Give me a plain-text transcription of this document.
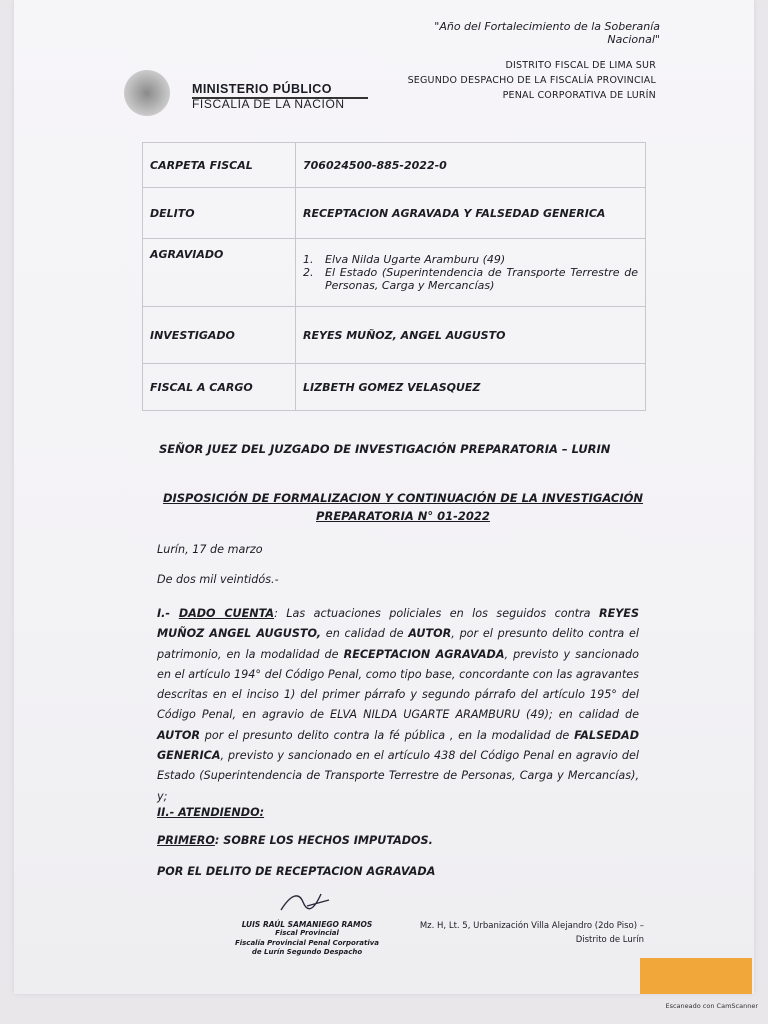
"Año del Fortalecimiento de la Soberanía Nacional"
MINISTERIO PÚBLICO
FISCALÍA DE LA NACIÓN
DISTRITO FISCAL DE LIMA SUR
SEGUNDO DESPACHO DE LA FISCALÍA PROVINCIAL
PENAL CORPORATIVA DE LURÍN
CARPETA FISCAL	706024500-885-2022-0
DELITO	RECEPTACION AGRAVADA Y FALSEDAD GENERICA
AGRAVIADO	1. Elva Nilda Ugarte Aramburu (49)
2. El Estado (Superintendencia de Transporte Terrestre de Personas, Carga y Mercancías)

INVESTIGADO	REYES MUÑOZ, ANGEL AUGUSTO
FISCAL A CARGO	LIZBETH GOMEZ VELASQUEZ
SEÑOR JUEZ DEL JUZGADO DE INVESTIGACIÓN PREPARATORIA – LURIN
DISPOSICIÓN DE FORMALIZACION Y CONTINUACIÓN DE LA INVESTIGACIÓN
PREPARATORIA N° 01-2022
Lurín, 17 de marzo
De dos mil veintidós.-
I.- DADO CUENTA: Las actuaciones policiales en los seguidos contra REYES MUÑOZ ANGEL AUGUSTO, en calidad de AUTOR, por el presunto delito contra el patrimonio, en la modalidad de RECEPTACION AGRAVADA, previsto y sancionado en el artículo 194° del Código Penal, como tipo base, concordante con las agravantes descritas en el inciso 1) del primer párrafo y segundo párrafo del artículo 195° del Código Penal, en agravio de ELVA NILDA UGARTE ARAMBURU (49); en calidad de AUTOR por el presunto delito contra la fé pública , en la modalidad de FALSEDAD GENERICA, previsto y sancionado en el artículo 438 del Código Penal en agravio del Estado (Superintendencia de Transporte Terrestre de Personas, Carga y Mercancías), y;
II.- ATENDIENDO:
PRIMERO: SOBRE LOS HECHOS IMPUTADOS.
POR EL DELITO DE RECEPTACION AGRAVADA
LUIS RAÚL SAMANIEGO RAMOS
Fiscal Provincial
Fiscalía Provincial Penal Corporativa
de Lurín Segundo Despacho
Mz. H, Lt. 5, Urbanización Villa Alejandro (2do Piso) –
Distrito de Lurín
Escaneado con CamScanner
